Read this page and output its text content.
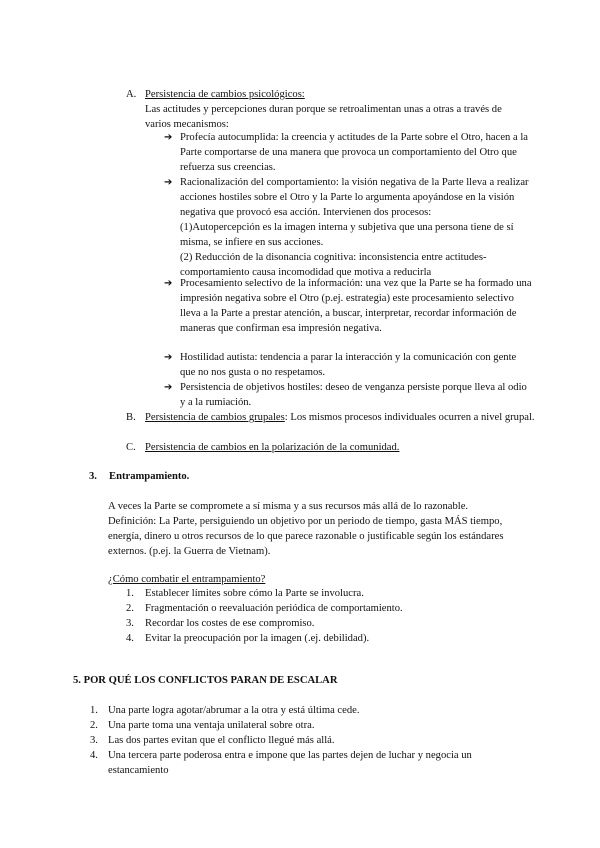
A. Persistencia de cambios psicológicos:

Las actitudes y percepciones duran porque se retroalimentan unas a otras a través de varios mecanismos:

➔ Profecía autocumplida: la creencia y actitudes de la Parte sobre el Otro, hacen a la Parte comportarse de una manera que provoca un comportamiento del Otro que refuerza sus creencias.

➔ Racionalización del comportamiento: la visión negativa de la Parte lleva a realizar acciones hostiles sobre el Otro y la Parte lo argumenta apoyándose en la visión negativa que provocó esa acción. Intervienen dos procesos:

(1)Autopercepción es la imagen interna y subjetiva que una persona tiene de sí misma, se infiere en sus acciones.

(2) Reducción de la disonancia cognitiva: inconsistencia entre actitudes-comportamiento causa incomodidad que motiva a reducirla

➔ Procesamiento selectivo de la información: una vez que la Parte se ha formado una impresión negativa sobre el Otro (p.ej. estrategia) este procesamiento selectivo lleva a la Parte a prestar atención, a buscar, interpretar, recordar información de maneras que confirman esa impresión negativa.

➔ Hostilidad autista: tendencia a parar la interacción y la comunicación con gente que no nos gusta o no respetamos.

➔ Persistencia de objetivos hostiles: deseo de venganza persiste porque lleva al odio y a la rumiación.

B. Persistencia de cambios grupales: Los mismos procesos individuales ocurren a nivel grupal.

C. Persistencia de cambios en la polarización de la comunidad.
3. Entrampamiento.

A veces la Parte se compromete a sí misma y a sus recursos más allá de lo razonable.

Definición: La Parte, persiguiendo un objetivo por un periodo de tiempo, gasta MÁS tiempo, energía, dinero u otros recursos de lo que parece razonable o justificable según los estándares externos. (p.ej. la Guerra de Vietnam).

¿Cómo combatir el entrampamiento?

1. Establecer límites sobre cómo la Parte se involucra.
2. Fragmentación o reevaluación periódica de comportamiento.
3. Recordar los costes de ese compromiso.
4. Evitar la preocupación por la imagen (.ej. debilidad).

5. POR QUÉ LOS CONFLICTOS PARAN DE ESCALAR

1. Una parte logra agotar/abrumar a la otra y está última cede.
2. Una parte toma una ventaja unilateral sobre otra.
3. Las dos partes evitan que el conflicto llegué más allá.
4. Una tercera parte poderosa entra e impone que las partes dejen de luchar y negocia un estancamiento
